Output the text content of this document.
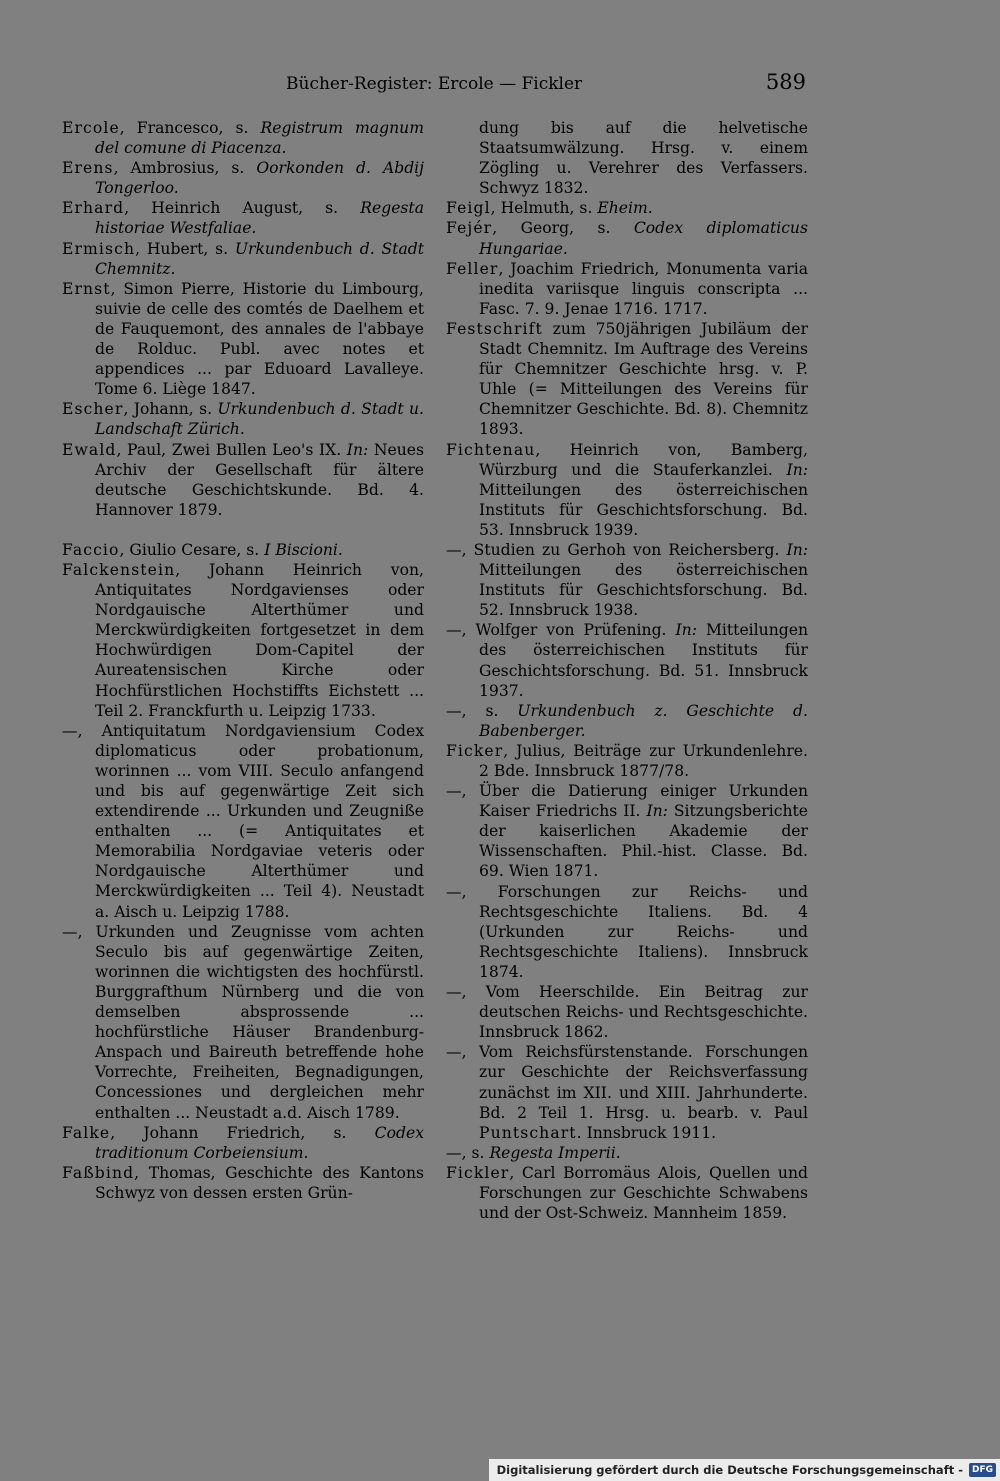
Bücher-Register: Ercole — Fickler	589

Ercole, Francesco, s. Registrum magnum del comune di Piacenza.

Erens, Ambrosius, s. Oorkonden d. Abdij Tongerloo.

Erhard, Heinrich August, s. Regesta historiae Westfaliae.

Ermisch, Hubert, s. Urkundenbuch d. Stadt Chemnitz.

Ernst, Simon Pierre, Historie du Limbourg, suivie de celle des comtés de Daelhem et de Fauquemont, des annales de l'abbaye de Rolduc. Publ. avec notes et appendices ... par Eduoard Lavalleye. Tome 6. Liège 1847.

Escher, Johann, s. Urkundenbuch d. Stadt u. Landschaft Zürich.

Ewald, Paul, Zwei Bullen Leo's IX. In: Neues Archiv der Gesellschaft für ältere deutsche Geschichtskunde. Bd. 4. Hannover 1879.

Faccio, Giulio Cesare, s. I Biscioni.

Falckenstein, Johann Heinrich von, Antiquitates Nordgavienses oder Nordgauische Alterthümer und Merckwürdigkeiten fortgesetzet in dem Hochwürdigen Dom-Capitel der Aureatensischen Kirche oder Hochfürstlichen Hochstiffts Eichstett ... Teil 2. Franckfurth u. Leipzig 1733.

—, Antiquitatum Nordgaviensium Codex diplomaticus oder probationum, worinnen ... vom VIII. Seculo anfangend und bis auf gegenwärtige Zeit sich extendirende ... Urkunden und Zeugniße enthalten ... (= Antiquitates et Memorabilia Nordgaviae veteris oder Nordgauische Alterthümer und Merckwürdigkeiten ... Teil 4). Neustadt a. Aisch u. Leipzig 1788.

—, Urkunden und Zeugnisse vom achten Seculo bis auf gegenwärtige Zeiten, worinnen die wichtigsten des hochfürstl. Burggrafthum Nürnberg und die von demselben absprossende ... hochfürstliche Häuser Brandenburg-Anspach und Baireuth betreffende hohe Vorrechte, Freiheiten, Begnadigungen, Concessiones und dergleichen mehr enthalten ... Neustadt a.d. Aisch 1789.

Falke, Johann Friedrich, s. Codex traditionum Corbeiensium.

Faßbind, Thomas, Geschichte des Kantons Schwyz von dessen ersten Grün-

dung bis auf die helvetische Staatsumwälzung. Hrsg. v. einem Zögling u. Verehrer des Verfassers. Schwyz 1832.

Feigl, Helmuth, s. Eheim.

Fejér, Georg, s. Codex diplomaticus Hungariae.

Feller, Joachim Friedrich, Monumenta varia inedita variisque linguis conscripta ... Fasc. 7. 9. Jenae 1716. 1717.

Festschrift zum 750jährigen Jubiläum der Stadt Chemnitz. Im Auftrage des Vereins für Chemnitzer Geschichte hrsg. v. P. Uhle (= Mitteilungen des Vereins für Chemnitzer Geschichte. Bd. 8). Chemnitz 1893.

Fichtenau, Heinrich von, Bamberg, Würzburg und die Stauferkanzlei. In: Mitteilungen des österreichischen Instituts für Geschichtsforschung. Bd. 53. Innsbruck 1939.

—, Studien zu Gerhoh von Reichersberg. In: Mitteilungen des österreichischen Instituts für Geschichtsforschung. Bd. 52. Innsbruck 1938.

—, Wolfger von Prüfening. In: Mitteilungen des österreichischen Instituts für Geschichtsforschung. Bd. 51. Innsbruck 1937.

—, s. Urkundenbuch z. Geschichte d. Babenberger.

Ficker, Julius, Beiträge zur Urkundenlehre. 2 Bde. Innsbruck 1877/78.

—, Über die Datierung einiger Urkunden Kaiser Friedrichs II. In: Sitzungsberichte der kaiserlichen Akademie der Wissenschaften. Phil.-hist. Classe. Bd. 69. Wien 1871.

—, Forschungen zur Reichs- und Rechtsgeschichte Italiens. Bd. 4 (Urkunden zur Reichs- und Rechtsgeschichte Italiens). Innsbruck 1874.

—, Vom Heerschilde. Ein Beitrag zur deutschen Reichs- und Rechtsgeschichte. Innsbruck 1862.

—, Vom Reichsfürstenstande. Forschungen zur Geschichte der Reichsverfassung zunächst im XII. und XIII. Jahrhunderte. Bd. 2 Teil 1. Hrsg. u. bearb. v. Paul Puntschart. Innsbruck 1911.

—, s. Regesta Imperii.

Fickler, Carl Borromäus Alois, Quellen und Forschungen zur Geschichte Schwabens und der Ost-Schweiz. Mannheim 1859.

Digitalisierung gefördert durch die Deutsche Forschungsgemeinschaft -	DFG
